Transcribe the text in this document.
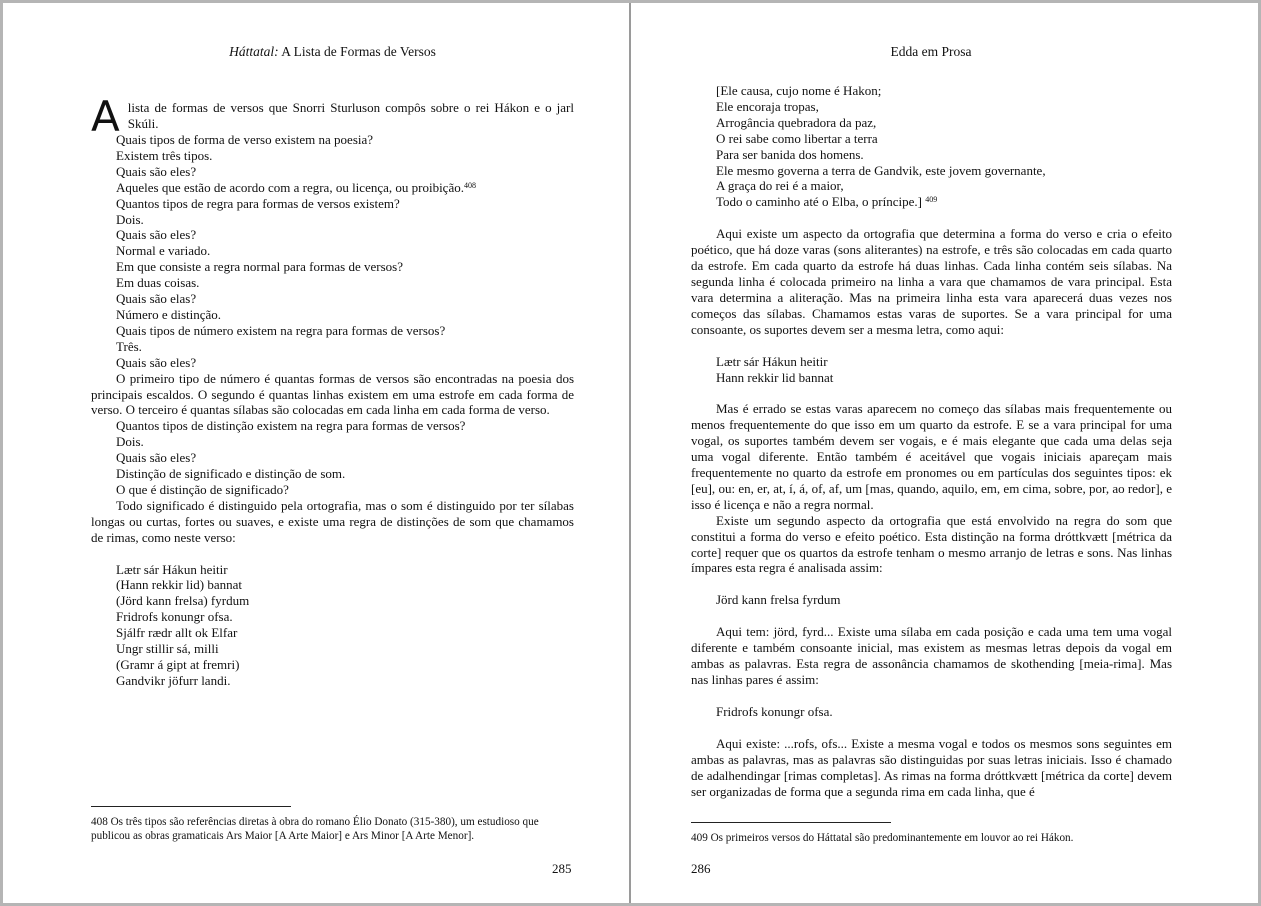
Háttatal: A Lista de Formas de Versos

Alista de formas de versos que Snorri Sturluson compôs sobre o rei Hákon e o jarl Skúli.

Quais tipos de forma de verso existem na poesia?

Existem três tipos.

Quais são eles?

Aqueles que estão de acordo com a regra, ou licença, ou proibição.$^{408}$

Quantos tipos de regra para formas de versos existem?

Dois.

Quais são eles?

Normal e variado.

Em que consiste a regra normal para formas de versos?

Em duas coisas.

Quais são elas?

Número e distinção.

Quais tipos de número existem na regra para formas de versos?

Três.

Quais são eles?

O primeiro tipo de número é quantas formas de versos são encontradas na poesia dos principais escaldos. O segundo é quantas linhas existem em uma estrofe em cada forma de verso. O terceiro é quantas sílabas são colocadas em cada linha em cada forma de verso.

Quantos tipos de distinção existem na regra para formas de versos?

Dois.

Quais são eles?

Distinção de significado e distinção de som.

O que é distinção de significado?

Todo significado é distinguido pela ortografia, mas o som é distinguido por ter sílabas longas ou curtas, fortes ou suaves, e existe uma regra de distinções de som que chamamos de rimas, como neste verso:

Lætr sár Hákun heitir

(Hann rekkir lid) bannat

(Jörd kann frelsa) fyrdum

Fridrofs konungr ofsa.

Sjálfr rædr allt ok Elfar

Ungr stillir sá, milli

(Gramr á gipt at fremri)

Gandvikr jöfurr landi.

408 Os três tipos são referências diretas à obra do romano Élio Donato (315-380), um estudioso que publicou as obras gramaticais Ars Maior [A Arte Maior] e Ars Minor [A Arte Menor].
285
Edda em Prosa

[Ele causa, cujo nome é Hakon;

Ele encoraja tropas,

Arrogância quebradora da paz,

O rei sabe como libertar a terra

Para ser banida dos homens.

Ele mesmo governa a terra de Gandvik, este jovem governante,

A graça do rei é a maior,

Todo o caminho até o Elba, o príncipe.] $^{409}$

Aqui existe um aspecto da ortografia que determina a forma do verso e cria o efeito poético, que há doze varas (sons aliterantes) na estrofe, e três são colocadas em cada quarto da estrofe. Em cada quarto da estrofe há duas linhas. Cada linha contém seis sílabas. Na segunda linha é colocada primeiro na linha a vara que chamamos de vara principal. Esta vara determina a aliteração. Mas na primeira linha esta vara aparecerá duas vezes nos começos das sílabas. Chamamos estas varas de suportes. Se a vara principal for uma consoante, os suportes devem ser a mesma letra, como aqui:

Lætr sár Hákun heitir

Hann rekkir lid bannat

Mas é errado se estas varas aparecem no começo das sílabas mais frequentemente ou menos frequentemente do que isso em um quarto da estrofe. E se a vara principal for uma vogal, os suportes também devem ser vogais, e é mais elegante que cada uma delas seja uma vogal diferente. Então também é aceitável que vogais iniciais apareçam mais frequentemente no quarto da estrofe em pronomes ou em partículas dos seguintes tipos: ek [eu], ou: en, er, at, í, á, of, af, um [mas, quando, aquilo, em, em cima, sobre, por, ao redor], e isso é licença e não a regra normal.

Existe um segundo aspecto da ortografia que está envolvido na regra do som que constitui a forma do verso e efeito poético. Esta distinção na forma dróttkvætt [métrica da corte] requer que os quartos da estrofe tenham o mesmo arranjo de letras e sons. Nas linhas ímpares esta regra é analisada assim:

Jörd kann frelsa fyrdum

Aqui tem: jörd, fyrd... Existe uma sílaba em cada posição e cada uma tem uma vogal diferente e também consoante inicial, mas existem as mesmas letras depois da vogal em ambas as palavras. Esta regra de assonância chamamos de skothending [meia-rima]. Mas nas linhas pares é assim:

Fridrofs konungr ofsa.

Aqui existe: ...rofs, ofs... Existe a mesma vogal e todos os mesmos sons seguintes em ambas as palavras, mas as palavras são distinguidas por suas letras iniciais. Isso é chamado de adalhendingar [rimas completas]. As rimas na forma dróttkvætt [métrica da corte] devem ser organizadas de forma que a segunda rima em cada linha, que é

409 Os primeiros versos do Háttatal são predominantemente em louvor ao rei Hákon.
286
